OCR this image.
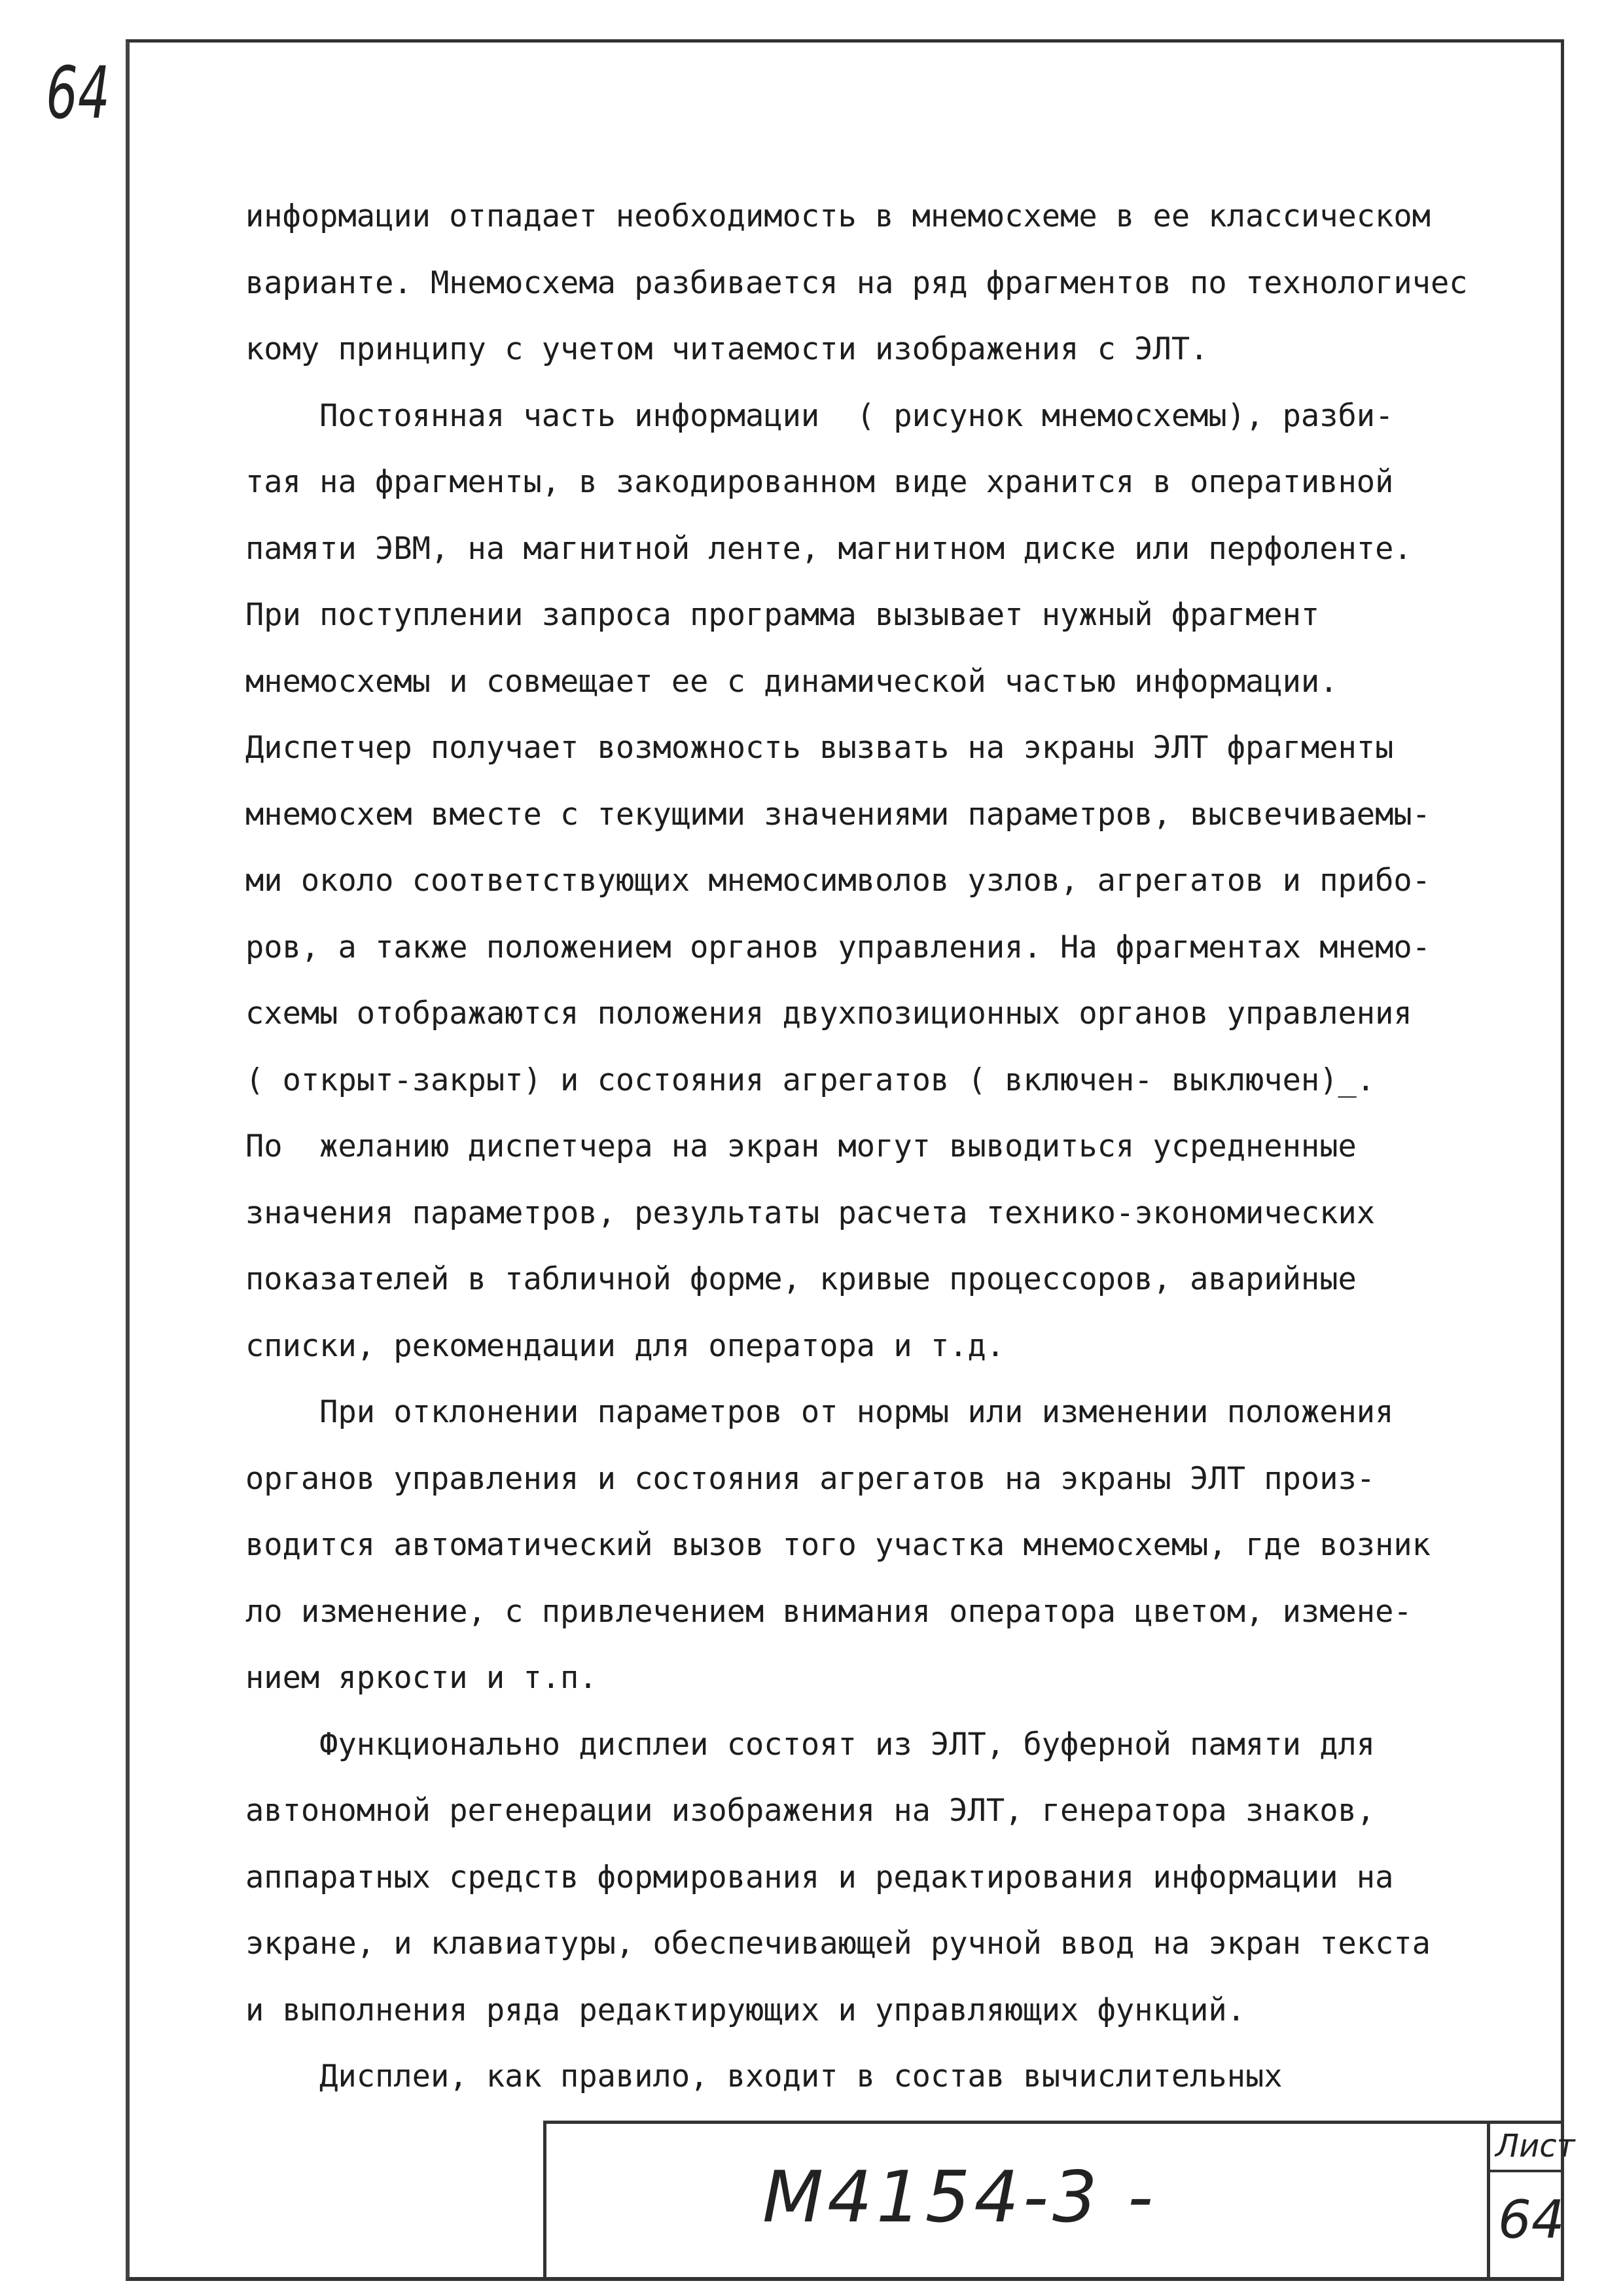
64
информации отпадает необходимость в мнемосхеме в ее классическом
варианте. Мнемосхема разбивается на ряд фрагментов по технологичес
кому принципу с учетом читаемости изображения с ЭЛТ.
Постоянная часть информации  ( рисунок мнемосхемы), разби-
тая на фрагменты, в закодированном виде хранится в оперативной
памяти ЭВМ, на магнитной ленте, магнитном диске или перфоленте.
При поступлении запроса программа вызывает нужный фрагмент
мнемосхемы и совмещает ее с динамической частью информации.
Диспетчер получает возможность вызвать на экраны ЭЛТ фрагменты
мнемосхем вместе с текущими значениями параметров, высвечиваемы-
ми около соответствующих мнемосимволов узлов, агрегатов и прибо-
ров, а также положением органов управления. На фрагментах мнемо-
схемы отображаются положения двухпозиционных органов управления
( открыт-закрыт) и состояния агрегатов ( включен- выключен)_.
По  желанию диспетчера на экран могут выводиться усредненные
значения параметров, результаты расчета технико-экономических
показателей в табличной форме, кривые процессоров, аварийные
списки, рекомендации для оператора и т.д.
При отклонении параметров от нормы или изменении положения
органов управления и состояния агрегатов на экраны ЭЛТ произ-
водится автоматический вызов того участка мнемосхемы, где возник
ло изменение, с привлечением внимания оператора цветом, измене-
нием яркости и т.п.
Функционально дисплеи состоят из ЭЛТ, буферной памяти для
автономной регенерации изображения на ЭЛТ, генератора знаков,
аппаратных средств формирования и редактирования информации на
экране, и клавиатуры, обеспечивающей ручной ввод на экран текста
и выполнения ряда редактирующих и управляющих функций.
Дисплеи, как правило, входит в состав вычислительных
М4154-3 -
Лист
64
